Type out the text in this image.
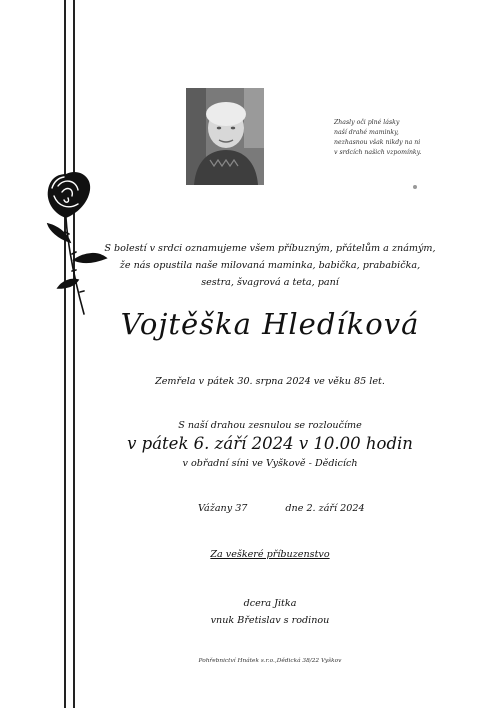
Zhasly oči plné lásky
naší drahé maminky,
nezhasnou však nikdy na ni
v srdcích našich vzpomínky.
S bolestí v srdci oznamujeme všem příbuzným, přátelům a známým,
že nás opustila naše milovaná maminka, babička, prababička,
sestra, švagrová a teta, paní
Vojtěška Hledíková
Zemřela v pátek 30. srpna 2024 ve věku 85 let.
S naší drahou zesnulou se rozloučíme
v pátek 6. září 2024 v 10.00 hodin
v obřadní síni ve Vyškově - Dědicích
Vážany 37	dne 2. září 2024
Za veškeré příbuzenstvo
dcera Jitka
vnuk Břetislav s rodinou
Pohřebnictví Hnátek s.r.o.,Dědická 38/22 Vyškov
